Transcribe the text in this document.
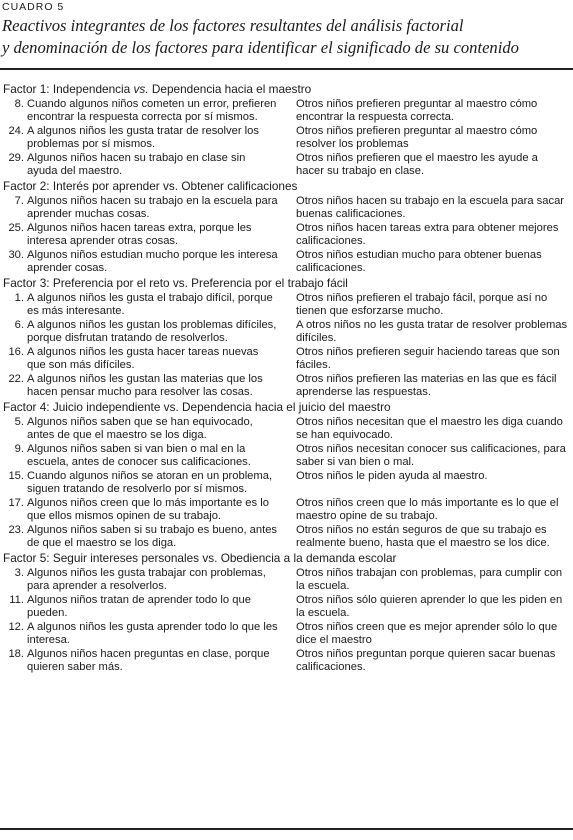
CUADRO 5
Reactivos integrantes de los factores resultantes del análisis factorial
y denominación de los factores para identificar el significado de su contenido
Factor 1: Independencia vs. Dependencia hacia el maestro
8. Cuando algunos niños cometen un error, prefieren encontrar la respuesta correcta por sí mismos.
Otros niños prefieren preguntar al maestro cómo encontrar la respuesta correcta.
24. A algunos niños les gusta tratar de resolver los problemas por sí mismos.
Otros niños prefieren preguntar al maestro cómo resolver los problemas
29. Algunos niños hacen su trabajo en clase sin ayuda del maestro.
Otros niños prefieren que el maestro les ayude a hacer su trabajo en clase.
Factor 2: Interés por aprender vs. Obtener calificaciones
7. Algunos niños hacen su trabajo en la escuela para aprender muchas cosas.
Otros niños hacen su trabajo en la escuela para sacar buenas calificaciones.
25. Algunos niños hacen tareas extra, porque les interesa aprender otras cosas.
Otros niños hacen tareas extra para obtener mejores calificaciones.
30. Algunos niños estudian mucho porque les interesa aprender cosas.
Otros niños estudian mucho para obtener buenas calificaciones.
Factor 3: Preferencia por el reto vs. Preferencia por el trabajo fácil
1. A algunos niños les gusta el trabajo difícil, porque es más interesante.
Otros niños prefieren el trabajo fácil, porque así no tienen que esforzarse mucho.
6. A algunos niños les gustan los problemas difíciles, porque disfrutan tratando de resolverlos.
A otros niños no les gusta tratar de resolver problemas difíciles.
16. A algunos niños les gusta hacer tareas nuevas que son más difíciles.
Otros niños prefieren seguir haciendo tareas que son fáciles.
22. A algunos niños les gustan las materias que los hacen pensar mucho para resolver las cosas.
Otros niños prefieren las materias en las que es fácil aprenderse las respuestas.
Factor 4: Juicio independiente vs. Dependencia hacia el juicio del maestro
5. Algunos niños saben que se han equivocado, antes de que el maestro se los diga.
Otros niños necesitan que el maestro les diga cuando se han equivocado.
9. Algunos niños saben si van bien o mal en la escuela, antes de conocer sus calificaciones.
Otros niños necesitan conocer sus calificaciones, para saber si van bien o mal.
15. Cuando algunos niños se atoran en un problema, siguen tratando de resolverlo por sí mismos.
Otros niños le piden ayuda al maestro.
17. Algunos niños creen que lo más importante es lo que ellos mismos opinen de su trabajo.
Otros niños creen que lo más importante es lo que el maestro opine de su trabajo.
23. Algunos niños saben si su trabajo es bueno, antes de que el maestro se los diga.
Otros niños no están seguros de que su trabajo es realmente bueno, hasta que el maestro se los dice.
Factor 5: Seguir intereses personales vs. Obediencia a la demanda escolar
3. Algunos niños les gusta trabajar con problemas, para aprender a resolverlos.
Otros niños trabajan con problemas, para cumplir con la escuela.
11. Algunos niños tratan de aprender todo lo que pueden.
Otros niños sólo quieren aprender lo que les piden en la escuela.
12. A algunos niños les gusta aprender todo lo que les interesa.
Otros niños creen que es mejor aprender sólo lo que dice el maestro
18. Algunos niños hacen preguntas en clase, porque quieren saber más.
Otros niños preguntan porque quieren sacar buenas calificaciones.
